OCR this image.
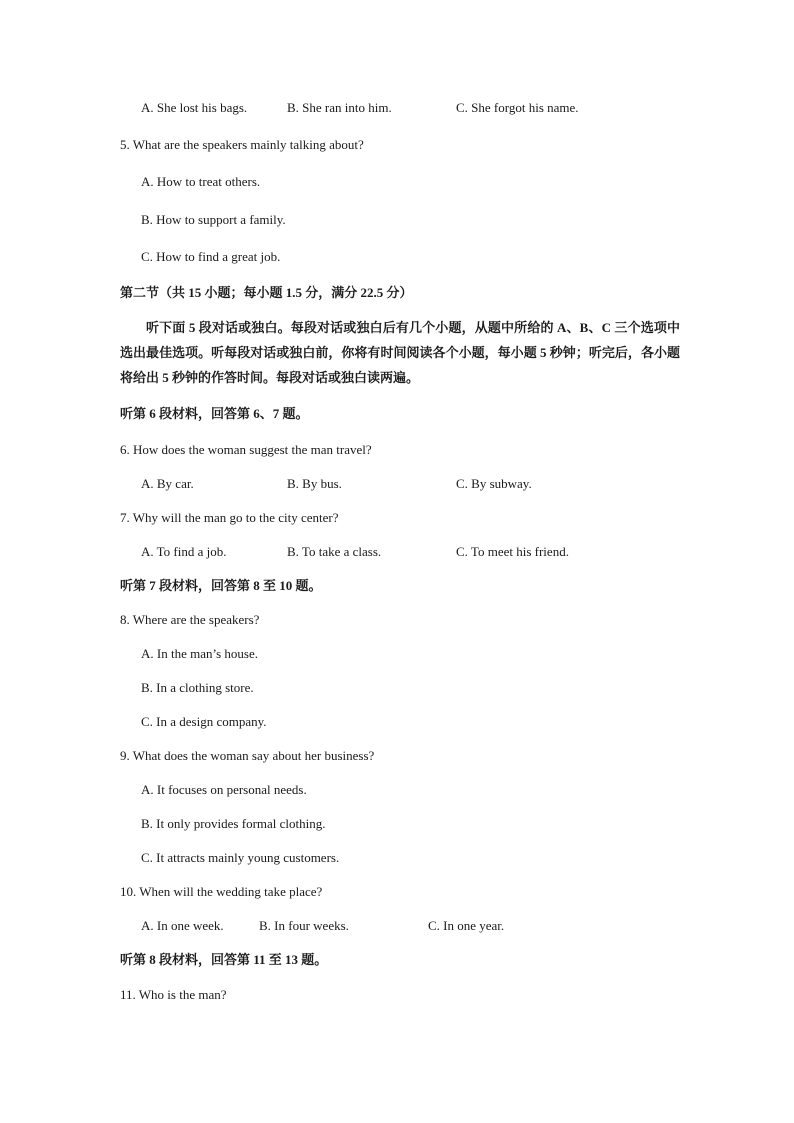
A. She lost his bags.	B. She ran into him.	C. She forgot his name.
5. What are the speakers mainly talking about?
A. How to treat others.
B. How to support a family.
C. How to find a great job.
第二节（共 15 小题；每小题 1.5 分，满分 22.5 分）
听下面 5 段对话或独白。每段对话或独白后有几个小题，从题中所给的 A、B、C 三个选项中选出最佳选项。听每段对话或独白前，你将有时间阅读各个小题，每小题 5 秒钟；听完后，各小题将给出 5 秒钟的作答时间。每段对话或独白读两遍。
听第 6 段材料，回答第 6、7 题。
6. How does the woman suggest the man travel?
A. By car.	B. By bus.	C. By subway.
7. Why will the man go to the city center?
A. To find a job.	B. To take a class.	C. To meet his friend.
听第 7 段材料，回答第 8 至 10 题。
8. Where are the speakers?
A. In the man’s house.
B. In a clothing store.
C. In a design company.
9. What does the woman say about her business?
A. It focuses on personal needs.
B. It only provides formal clothing.
C. It attracts mainly young customers.
10. When will the wedding take place?
A. In one week.	B. In four weeks.	C. In one year.
听第 8 段材料，回答第 11 至 13 题。
11. Who is the man?
